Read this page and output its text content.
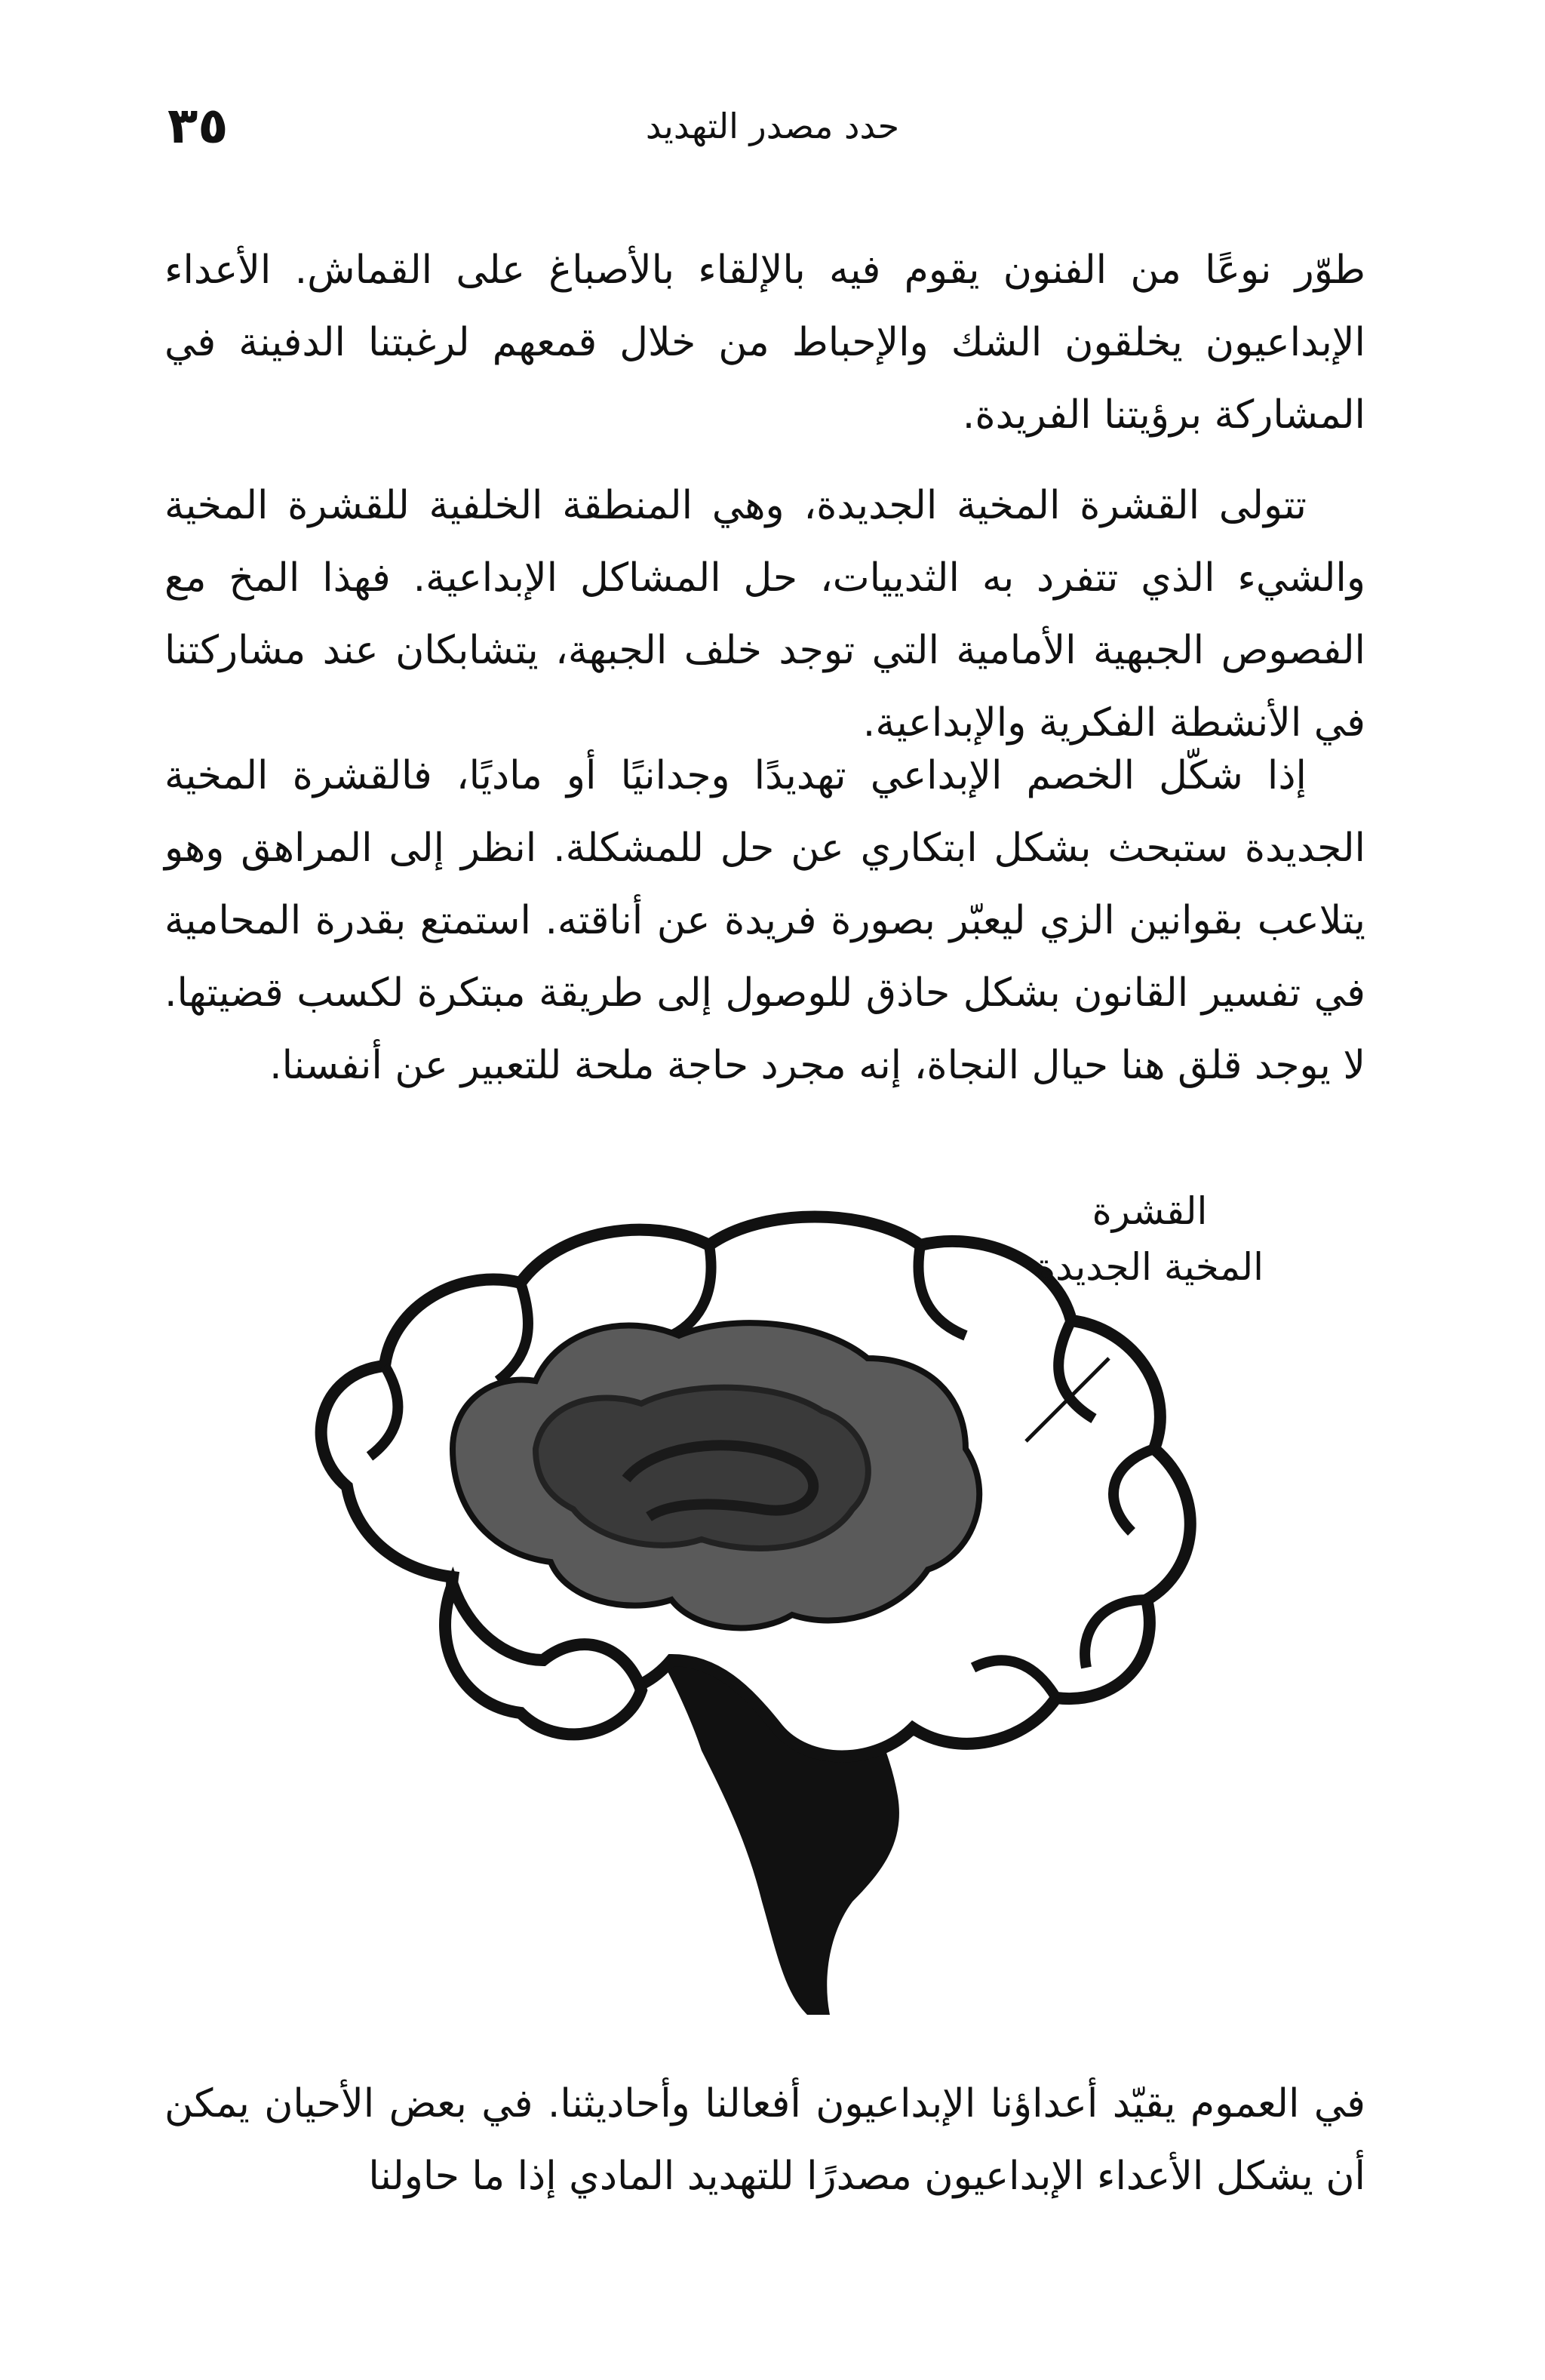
٣٥	حدد مصدر التهديد

طوّر نوعًا من الفنون يقوم فيه بالإلقاء بالأصباغ على القماش. الأعداء الإبداعيون يخلقون الشك والإحباط من خلال قمعهم لرغبتنا الدفينة في المشاركة برؤيتنا الفريدة.

تتولى القشرة المخية الجديدة، وهي المنطقة الخلفية للقشرة المخية والشيء الذي تتفرد به الثدييات، حل المشاكل الإبداعية. فهذا المخ مع الفصوص الجبهية الأمامية التي توجد خلف الجبهة، يتشابكان عند مشاركتنا في الأنشطة الفكرية والإبداعية.

إذا شكّل الخصم الإبداعي تهديدًا وجدانيًا أو ماديًا، فالقشرة المخية الجديدة ستبحث بشكل ابتكاري عن حل للمشكلة. انظر إلى المراهق وهو يتلاعب بقوانين الزي ليعبّر بصورة فريدة عن أناقته. استمتع بقدرة المحامية في تفسير القانون بشكل حاذق للوصول إلى طريقة مبتكرة لكسب قضيتها. لا يوجد قلق هنا حيال النجاة، إنه مجرد حاجة ملحة للتعبير عن أنفسنا.

القشرة
المخية الجديدة

في العموم يقيّد أعداؤنا الإبداعيون أفعالنا وأحاديثنا. في بعض الأحيان يمكن أن يشكل الأعداء الإبداعيون مصدرًا للتهديد المادي إذا ما حاولنا
